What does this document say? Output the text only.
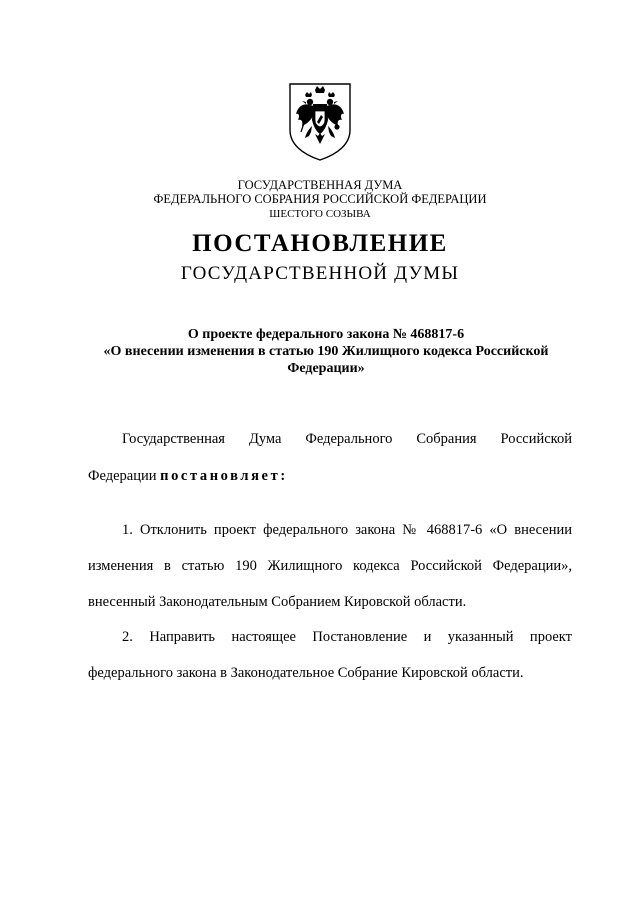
ГОСУДАРСТВЕННАЯ ДУМА
ФЕДЕРАЛЬНОГО СОБРАНИЯ РОССИЙСКОЙ ФЕДЕРАЦИИ
ШЕСТОГО СОЗЫВА
ПОСТАНОВЛЕНИЕ
ГОСУДАРСТВЕННОЙ ДУМЫ
О проекте федерального закона № 468817-6
«О внесении изменения в статью 190 Жилищного кодекса Российской
Федерации»
Государственная Дума Федерального Собрания Российской
Федерации постановляет:
1. Отклонить проект федерального закона № 468817-6 «О внесении
изменения в статью 190 Жилищного кодекса Российской Федерации»,
внесенный Законодательным Собранием Кировской области.
2. Направить настоящее Постановление и указанный проект
федерального закона в Законодательное Собрание Кировской области.
